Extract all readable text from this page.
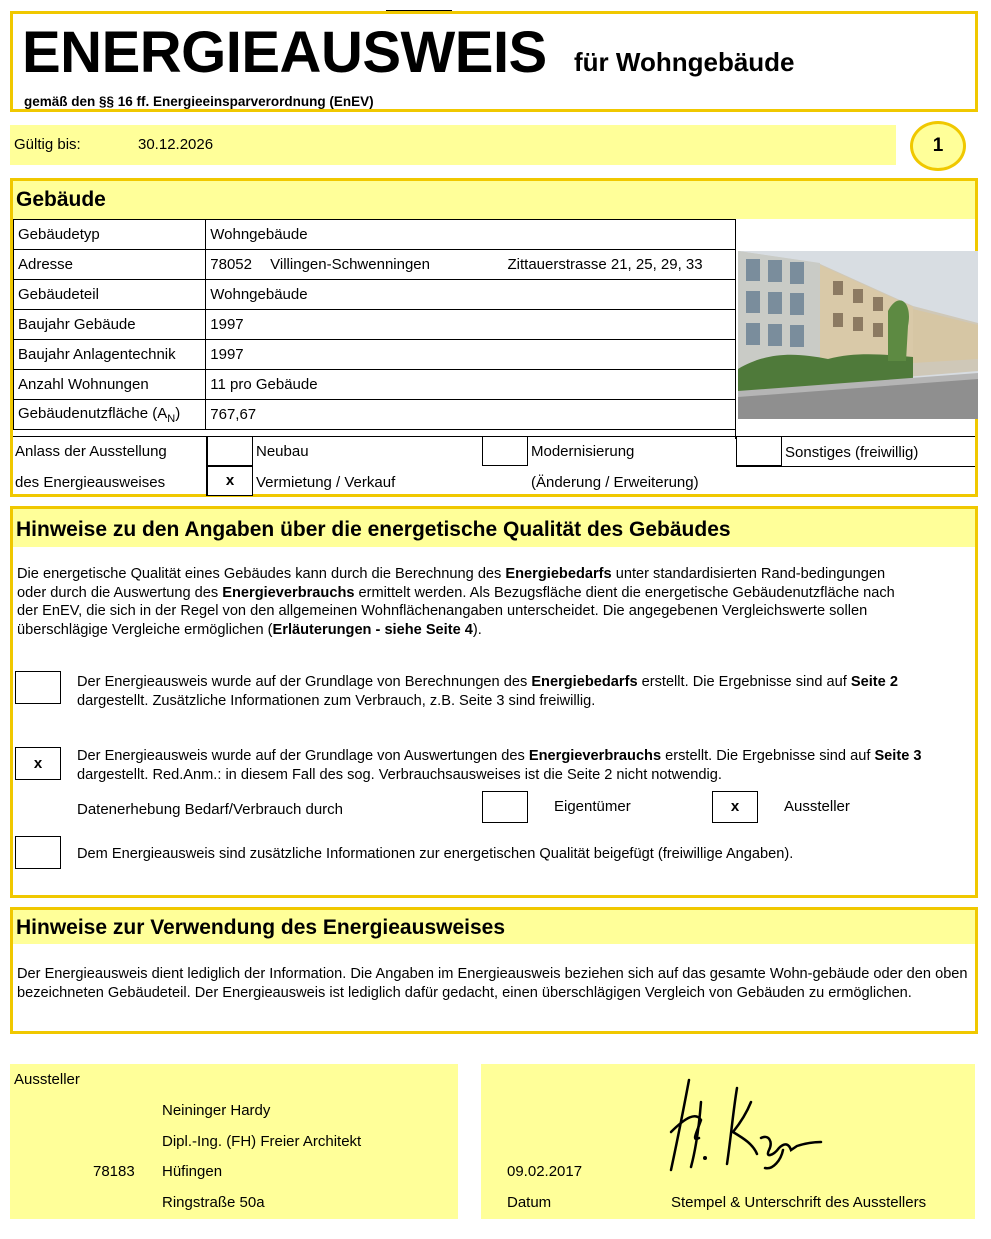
ENERGIEAUSWEIS für Wohngebäude
gemäß den §§ 16 ff. Energieeinsparverordnung (EnEV)
Gültig bis:	30.12.2026	1
Gebäude
Gebäudetyp	Wohngebäude
Adresse	78052 Villingen-Schwenningen Zittauerstrasse 21, 25, 29, 33

Gebäudeteil	Wohngebäude
Baujahr Gebäude	1997
Baujahr Anlagentechnik	1997
Anzahl Wohnungen	11 pro Gebäude
Gebäudenutzfläche $(A_N)$	767,67
Anlass der Ausstellung
des Energieausweises
Neubau
x	Vermietung / Verkauf
Modernisierung
(Änderung / Erweiterung)
Sonstiges (freiwillig)
Hinweise zu den Angaben über die energetische Qualität des Gebäudes
Die energetische Qualität eines Gebäudes kann durch die Berechnung des Energiebedarfs unter standardisierten Rand-bedingungen oder durch die Auswertung des Energieverbrauchs ermittelt werden. Als Bezugsfläche dient die energetische Gebäudenutzfläche nach der EnEV, die sich in der Regel von den allgemeinen Wohnflächenangaben unterscheidet. Die angegebenen Vergleichswerte sollen überschlägige Vergleiche ermöglichen (Erläuterungen - siehe Seite 4).
Der Energieausweis wurde auf der Grundlage von Berechnungen des Energiebedarfs erstellt. Die Ergebnisse sind auf Seite 2 dargestellt. Zusätzliche Informationen zum Verbrauch, z.B. Seite 3 sind freiwillig.
x	Der Energieausweis wurde auf der Grundlage von Auswertungen des Energieverbrauchs erstellt. Die Ergebnisse sind auf Seite 3 dargestellt. Red.Anm.: in diesem Fall des sog. Verbrauchsausweises ist die Seite 2 nicht notwendig.
Datenerhebung Bedarf/Verbrauch durch	Eigentümer	x	Aussteller
Dem Energieausweis sind zusätzliche Informationen zur energetischen Qualität beigefügt (freiwillige Angaben).
Hinweise zur Verwendung des Energieausweises
Der Energieausweis dient lediglich der Information. Die Angaben im Energieausweis beziehen sich auf das gesamte Wohn-gebäude oder den oben bezeichneten Gebäudeteil. Der Energieausweis ist lediglich dafür gedacht, einen überschlägigen Vergleich von Gebäuden zu ermöglichen.
Aussteller
Neininger Hardy
Dipl.-Ing. (FH) Freier Architekt
78183 Hüfingen
Ringstraße 50a
09.02.2017
Datum	Stempel & Unterschrift des Ausstellers
